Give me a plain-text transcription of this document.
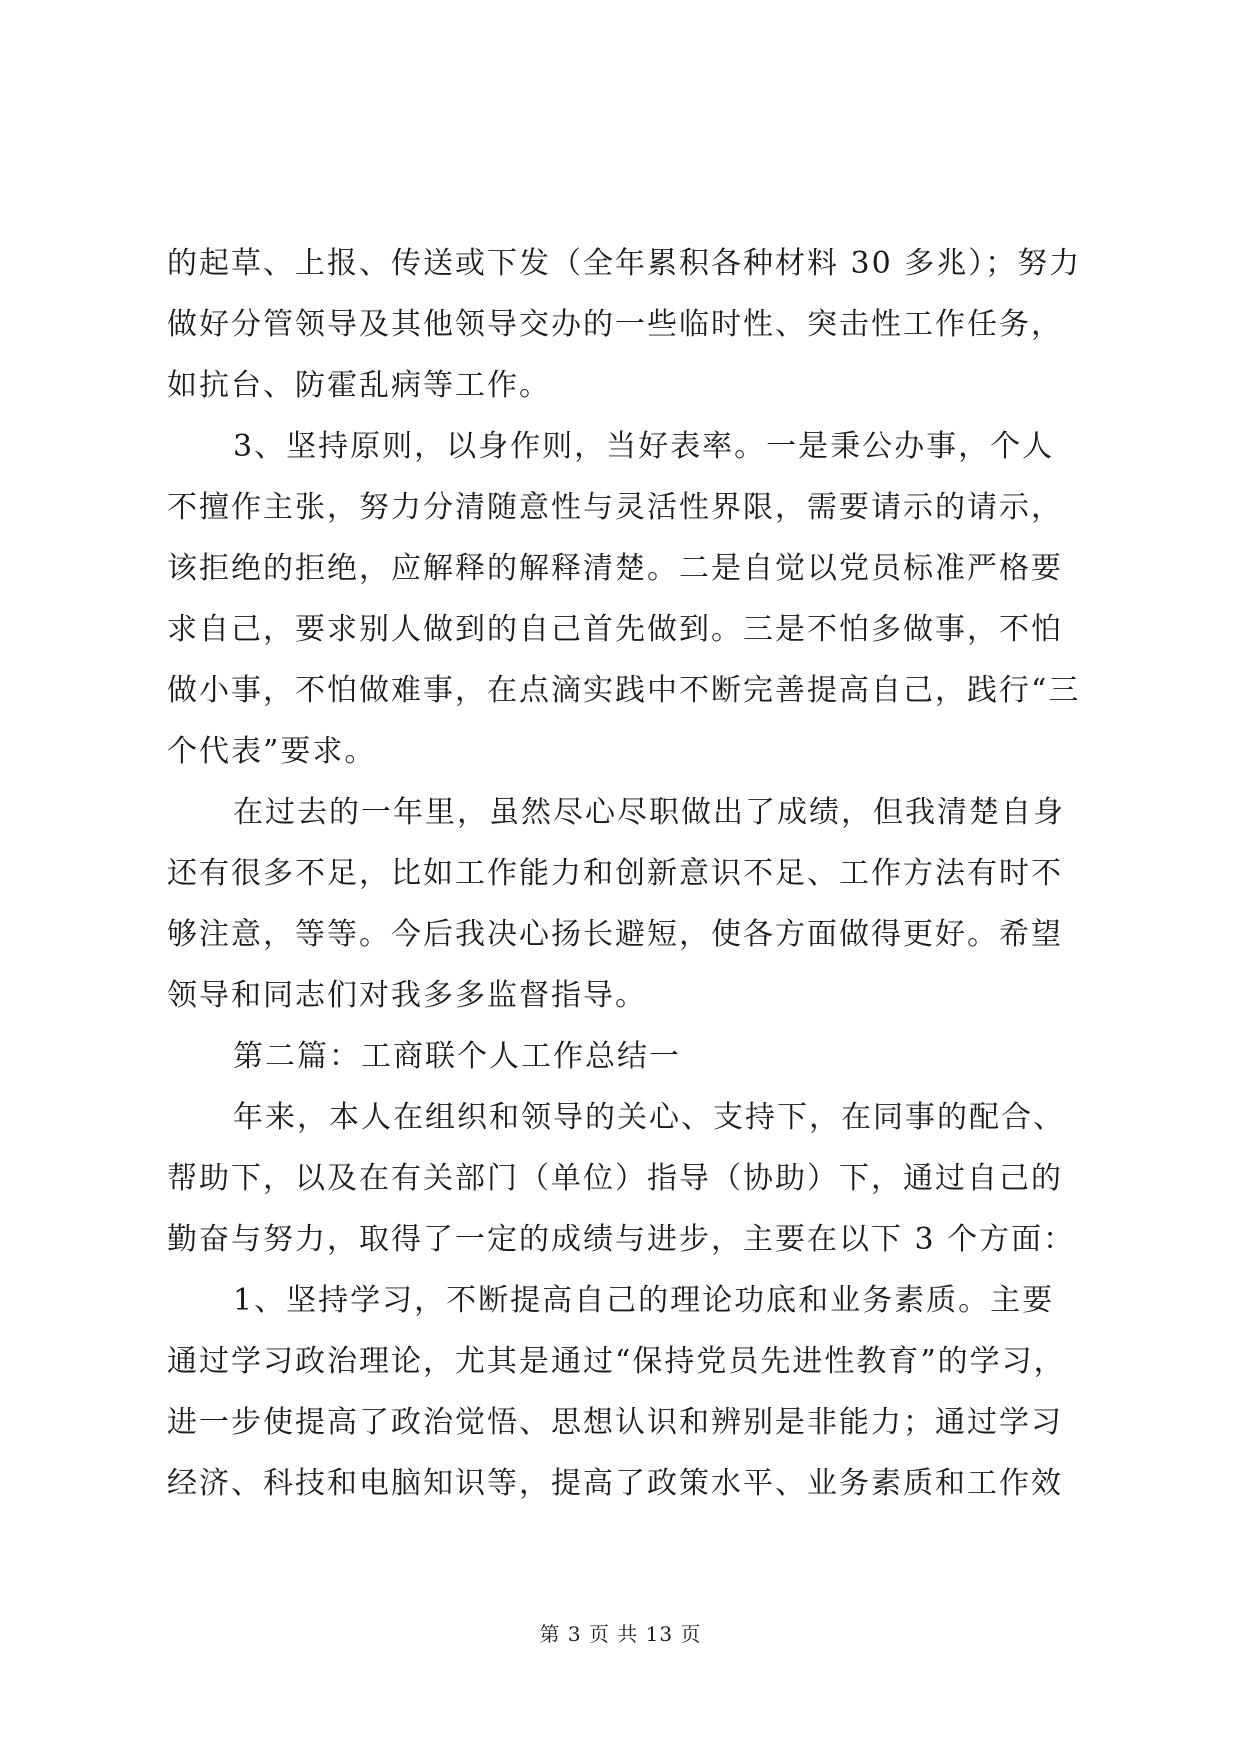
的起草、上报、传送或下发（全年累积各种材料 30 多兆）；努力
做好分管领导及其他领导交办的一些临时性、突击性工作任务，
如抗台、防霍乱病等工作。
3、坚持原则，以身作则，当好表率。一是秉公办事，个人
不擅作主张，努力分清随意性与灵活性界限，需要请示的请示，
该拒绝的拒绝，应解释的解释清楚。二是自觉以党员标准严格要
求自己，要求别人做到的自己首先做到。三是不怕多做事，不怕
做小事，不怕做难事，在点滴实践中不断完善提高自己，践行“三
个代表”要求。
在过去的一年里，虽然尽心尽职做出了成绩，但我清楚自身
还有很多不足，比如工作能力和创新意识不足、工作方法有时不
够注意，等等。今后我决心扬长避短，使各方面做得更好。希望
领导和同志们对我多多监督指导。
第二篇：工商联个人工作总结一
年来，本人在组织和领导的关心、支持下，在同事的配合、
帮助下，以及在有关部门（单位）指导（协助）下，通过自己的
勤奋与努力，取得了一定的成绩与进步，主要在以下 3 个方面：
1、坚持学习，不断提高自己的理论功底和业务素质。主要
通过学习政治理论，尤其是通过“保持党员先进性教育”的学习，
进一步使提高了政治觉悟、思想认识和辨别是非能力；通过学习
经济、科技和电脑知识等，提高了政策水平、业务素质和工作效
第 3 页 共 13 页
